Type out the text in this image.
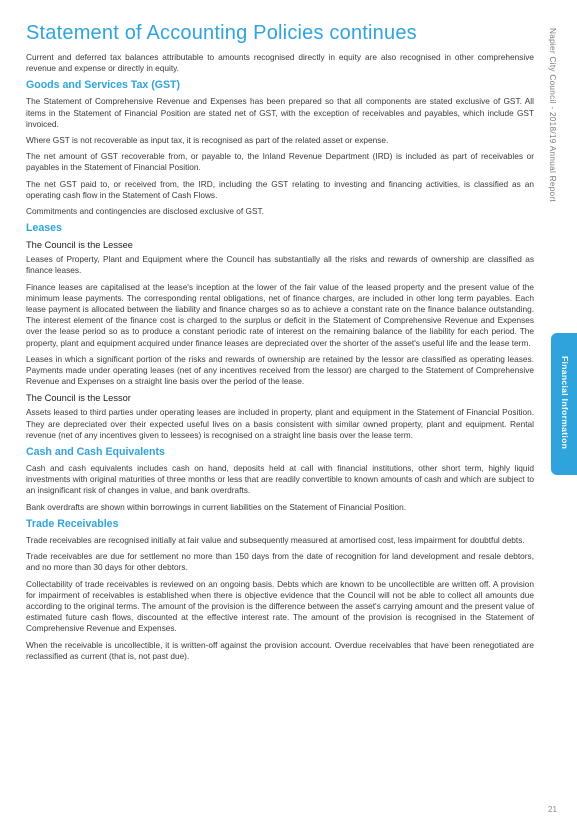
Statement of Accounting Policies continues

Current and deferred tax balances attributable to amounts recognised directly in equity are also recognised in other comprehensive revenue and expense or directly in equity.

Goods and Services Tax (GST)

The Statement of Comprehensive Revenue and Expenses has been prepared so that all components are stated exclusive of GST. All items in the Statement of Financial Position are stated net of GST, with the exception of receivables and payables, which include GST invoiced.

Where GST is not recoverable as input tax, it is recognised as part of the related asset or expense.

The net amount of GST recoverable from, or payable to, the Inland Revenue Department (IRD) is included as part of receivables or payables in the Statement of Financial Position.

The net GST paid to, or received from, the IRD, including the GST relating to investing and financing activities, is classified as an operating cash flow in the Statement of Cash Flows.

Commitments and contingencies are disclosed exclusive of GST.

Leases
The Council is the Lessee

Leases of Property, Plant and Equipment where the Council has substantially all the risks and rewards of ownership are classified as finance leases.

Finance leases are capitalised at the lease's inception at the lower of the fair value of the leased property and the present value of the minimum lease payments. The corresponding rental obligations, net of finance charges, are included in other long term payables. Each lease payment is allocated between the liability and finance charges so as to achieve a constant rate on the finance balance outstanding. The interest element of the finance cost is charged to the surplus or deficit in the Statement of Comprehensive Revenue and Expenses over the lease period so as to produce a constant periodic rate of interest on the remaining balance of the liability for each period. The property, plant and equipment acquired under finance leases are depreciated over the shorter of the asset's useful life and the lease term.

Leases in which a significant portion of the risks and rewards of ownership are retained by the lessor are classified as operating leases. Payments made under operating leases (net of any incentives received from the lessor) are charged to the Statement of Comprehensive Revenue and Expenses on a straight line basis over the period of the lease.

The Council is the Lessor

Assets leased to third parties under operating leases are included in property, plant and equipment in the Statement of Financial Position. They are depreciated over their expected useful lives on a basis consistent with similar owned property, plant and equipment. Rental revenue (net of any incentives given to lessees) is recognised on a straight line basis over the lease term.

Cash and Cash Equivalents

Cash and cash equivalents includes cash on hand, deposits held at call with financial institutions, other short term, highly liquid investments with original maturities of three months or less that are readily convertible to known amounts of cash and which are subject to an insignificant risk of changes in value, and bank overdrafts.

Bank overdrafts are shown within borrowings in current liabilities on the Statement of Financial Position.

Trade Receivables

Trade receivables are recognised initially at fair value and subsequently measured at amortised cost, less impairment for doubtful debts.

Trade receivables are due for settlement no more than 150 days from the date of recognition for land development and resale debtors, and no more than 30 days for other debtors.

Collectability of trade receivables is reviewed on an ongoing basis. Debts which are known to be uncollectible are written off. A provision for impairment of receivables is established when there is objective evidence that the Council will not be able to collect all amounts due according to the original terms. The amount of the provision is the difference between the asset's carrying amount and the present value of estimated future cash flows, discounted at the effective interest rate. The amount of the provision is recognised in the Statement of Comprehensive Revenue and Expenses.

When the receivable is uncollectible, it is written-off against the provision account. Overdue receivables that have been renegotiated are reclassified as current (that is, not past due).

Napier City Council - 2018/19 Annual Report
Financial Information
21
